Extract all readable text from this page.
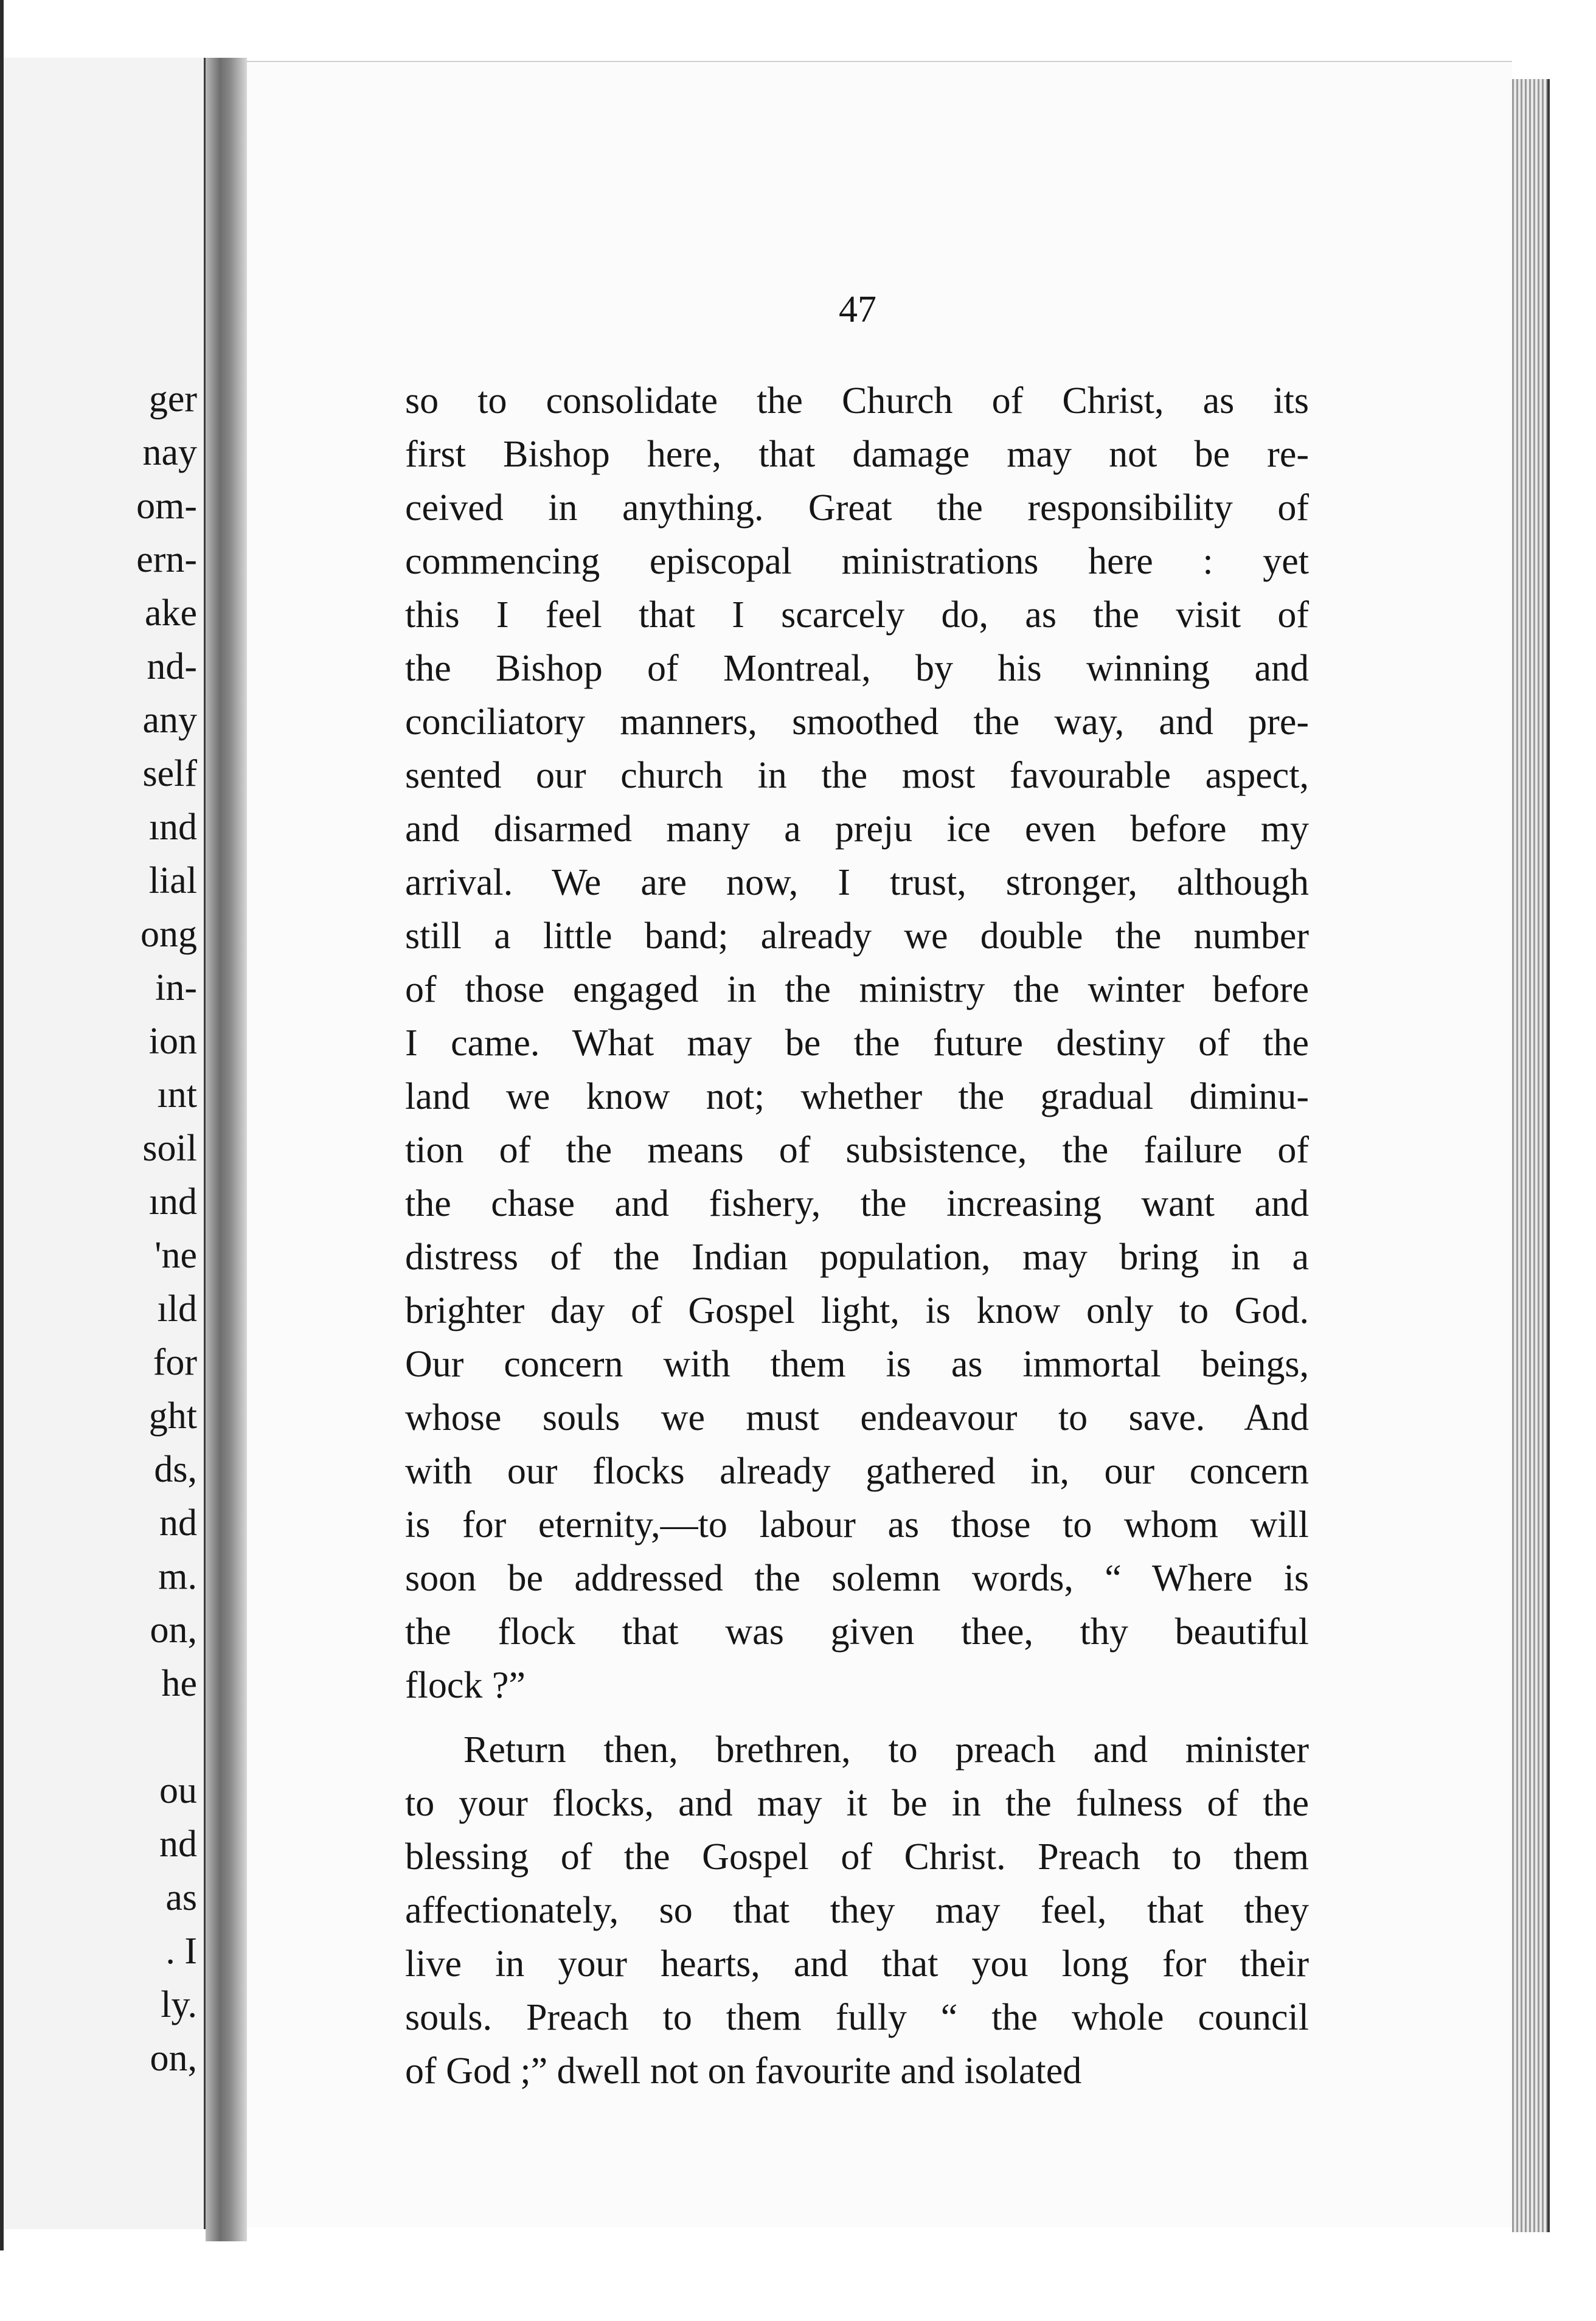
ger
nay
om-
ern-
ake
nd-
any
self
ınd
lial
ong
in-
ion
ınt
soil
ınd
'ne
ıld
for
ght
ds,
nd
m.
on,
he
ou
nd
as
. I
ly.
on,
47
so to consolidate the Church of Christ, as its
first Bishop here, that damage may not be re-
ceived in anything. Great the responsibility of
commencing episcopal ministrations here : yet
this I feel that I scarcely do, as the visit of
the Bishop of Montreal, by his winning and
conciliatory manners, smoothed the way, and pre-
sented our church in the most favourable aspect,
and disarmed many a preju ice even before my
arrival. We are now, I trust, stronger, although
still a little band; already we double the number
of those engaged in the ministry the winter before
I came. What may be the future destiny of the
land we know not; whether the gradual diminu-
tion of the means of subsistence, the failure of
the chase and fishery, the increasing want and
distress of the Indian population, may bring in a
brighter day of Gospel light, is know only to God.
Our concern with them is as immortal beings,
whose souls we must endeavour to save. And
with our flocks already gathered in, our concern
is for eternity,—to labour as those to whom will
soon be addressed the solemn words, “ Where is
the flock that was given thee, thy beautiful
flock ?”
Return then, brethren, to preach and minister
to your flocks, and may it be in the fulness of the
blessing of the Gospel of Christ. Preach to them
affectionately, so that they may feel, that they
live in your hearts, and that you long for their
souls. Preach to them fully “ the whole council
of God ;” dwell not on favourite and isolated
